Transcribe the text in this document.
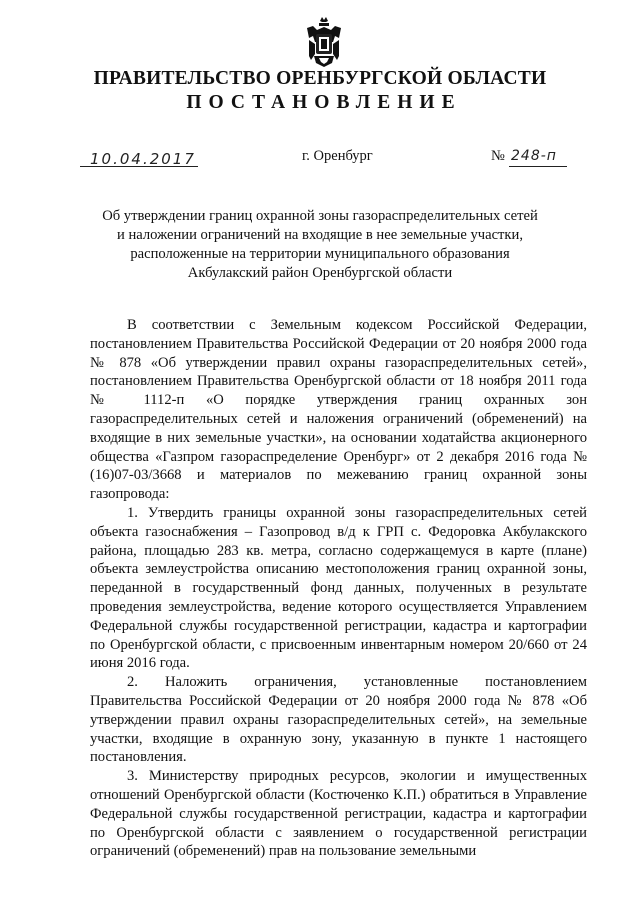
ПРАВИТЕЛЬСТВО ОРЕНБУРГСКОЙ ОБЛАСТИ
ПОСТАНОВЛЕНИЕ
10.04.2017	г. Оренбург	№ 248-п
Об утверждении границ охранной зоны газораспределительных сетей
и наложении ограничений на входящие в нее земельные участки,
расположенные на территории муниципального образования
Акбулакский район Оренбургской области

В соответствии с Земельным кодексом Российской Федерации, постановлением Правительства Российской Федерации от 20 ноября 2000 года № 878 «Об утверждении правил охраны газораспределительных сетей», постановлением Правительства Оренбургской области от 18 ноября 2011 года № 1112-п «О порядке утверждения границ охранных зон газораспределительных сетей и наложения ограничений (обременений) на входящие в них земельные участки», на основании ходатайства акционерного общества «Газпром газораспределение Оренбург» от 2 декабря 2016 года № (16)07-03/3668 и материалов по межеванию границ охранной зоны газопровода:

1. Утвердить границы охранной зоны газораспределительных сетей объекта газоснабжения – Газопровод в/д к ГРП с. Федоровка Акбулакского района, площадью 283 кв. метра, согласно содержащемуся в карте (плане) объекта землеустройства описанию местоположения границ охранной зоны, переданной в государственный фонд данных, полученных в результате проведения землеустройства, ведение которого осуществляется Управлением Федеральной службы государственной регистрации, кадастра и картографии по Оренбургской области, с присвоенным инвентарным номером 20/660 от 24 июня 2016 года.

2. Наложить ограничения, установленные постановлением Правительства Российской Федерации от 20 ноября 2000 года № 878 «Об утверждении правил охраны газораспределительных сетей», на земельные участки, входящие в охранную зону, указанную в пункте 1 настоящего постановления.

3. Министерству природных ресурсов, экологии и имущественных отношений Оренбургской области (Костюченко К.П.) обратиться в Управление Федеральной службы государственной регистрации, кадастра и картографии по Оренбургской области с заявлением о государственной регистрации ограничений (обременений) прав на пользование земельными
